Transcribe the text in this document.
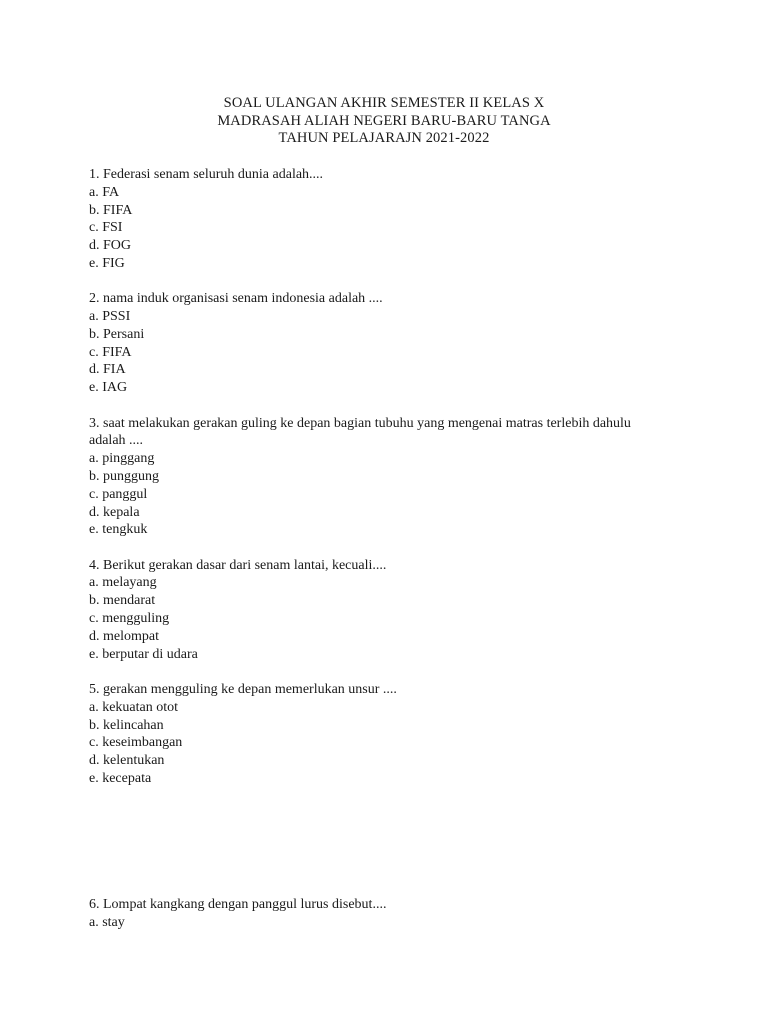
SOAL ULANGAN AKHIR SEMESTER II KELAS X
MADRASAH ALIAH NEGERI BARU-BARU TANGA
TAHUN PELAJARAJN 2021-2022
1. Federasi senam seluruh dunia adalah....
a. FA
b. FIFA
c. FSI
d. FOG
e. FIG
2. nama induk organisasi senam indonesia adalah ....
a. PSSI
b. Persani
c. FIFA
d. FIA
e. IAG
3. saat melakukan gerakan guling ke depan bagian tubuhu yang mengenai matras terlebih dahulu
adalah ....
a. pinggang
b. punggung
c. panggul
d. kepala
e. tengkuk
4. Berikut gerakan dasar dari senam lantai, kecuali....
a. melayang
b. mendarat
c. mengguling
d. melompat
e. berputar di udara
5. gerakan mengguling ke depan memerlukan unsur ....
a. kekuatan otot
b. kelincahan
c. keseimbangan
d. kelentukan
e. kecepata
6. Lompat kangkang dengan panggul lurus disebut....
a. stay
